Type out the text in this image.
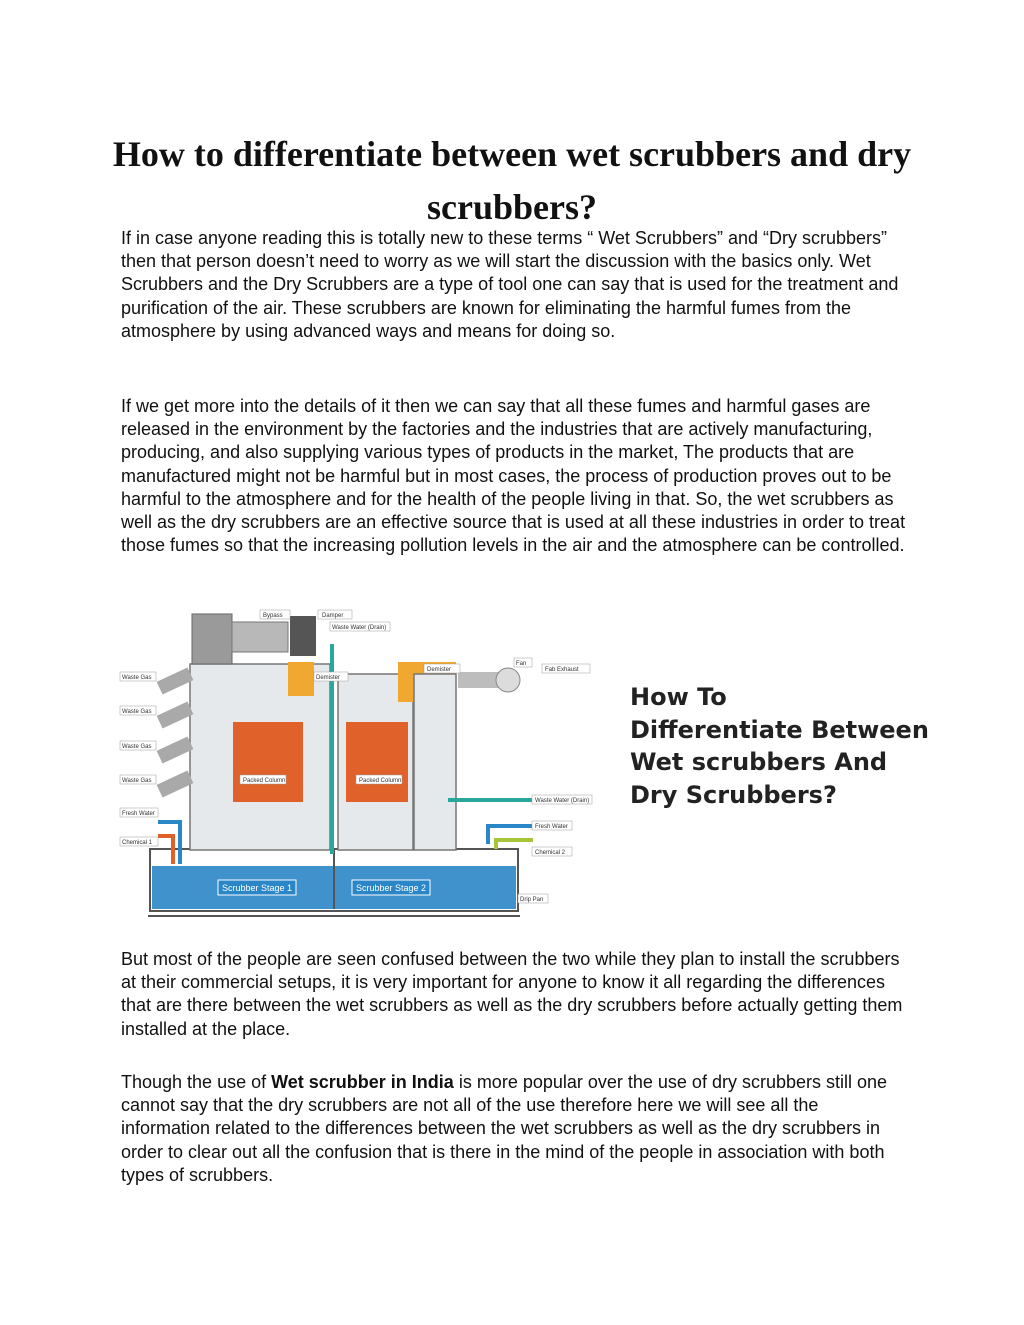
How to differentiate between wet scrubbers and dry scrubbers?

If in case anyone reading this is totally new to these terms “ Wet Scrubbers” and “Dry scrubbers” then that person doesn’t need to worry as we will start the discussion with the basics only. Wet Scrubbers and the Dry Scrubbers are a type of tool one can say that is used for the treatment and purification of the air. These scrubbers are known for eliminating the harmful fumes from the atmosphere by using advanced ways and means for doing so.

If we get more into the details of it then we can say that all these fumes and harmful gases are released in the environment by the factories and the industries that are actively manufacturing, producing, and also supplying various types of products in the market, The products that are manufactured might not be harmful but in most cases, the process of production proves out to be harmful to the atmosphere and for the health of the people living in that. So, the wet scrubbers as well as the dry scrubbers are an effective source that is used at all these industries in order to treat those fumes so that the increasing pollution levels in the air and the atmosphere can be controlled.

Bypass	Damper
Waste Water (Drain)
Fan
Fab Exhaust
Demister
Demister
Waste Gas
Waste Gas
Waste Gas
Waste Gas	Packed Column	Packed Column
Fresh Water
Chemical 1
Waste Water (Drain)
Fresh Water
Chemical 2
Drip Pan
Scrubber Stage 1	Scrubber Stage 2
How To
Differentiate Between
Wet scrubbers And
Dry Scrubbers?

But most of the people are seen confused between the two while they plan to install the scrubbers at their commercial setups, it is very important for anyone to know it all regarding the differences that are there between the wet scrubbers as well as the dry scrubbers before actually getting them installed at the place.

Though the use of Wet scrubber in India is more popular over the use of dry scrubbers still one cannot say that the dry scrubbers are not all of the use therefore here we will see all the information related to the differences between the wet scrubbers as well as the dry scrubbers in order to clear out all the confusion that is there in the mind of the people in association with both types of scrubbers.
